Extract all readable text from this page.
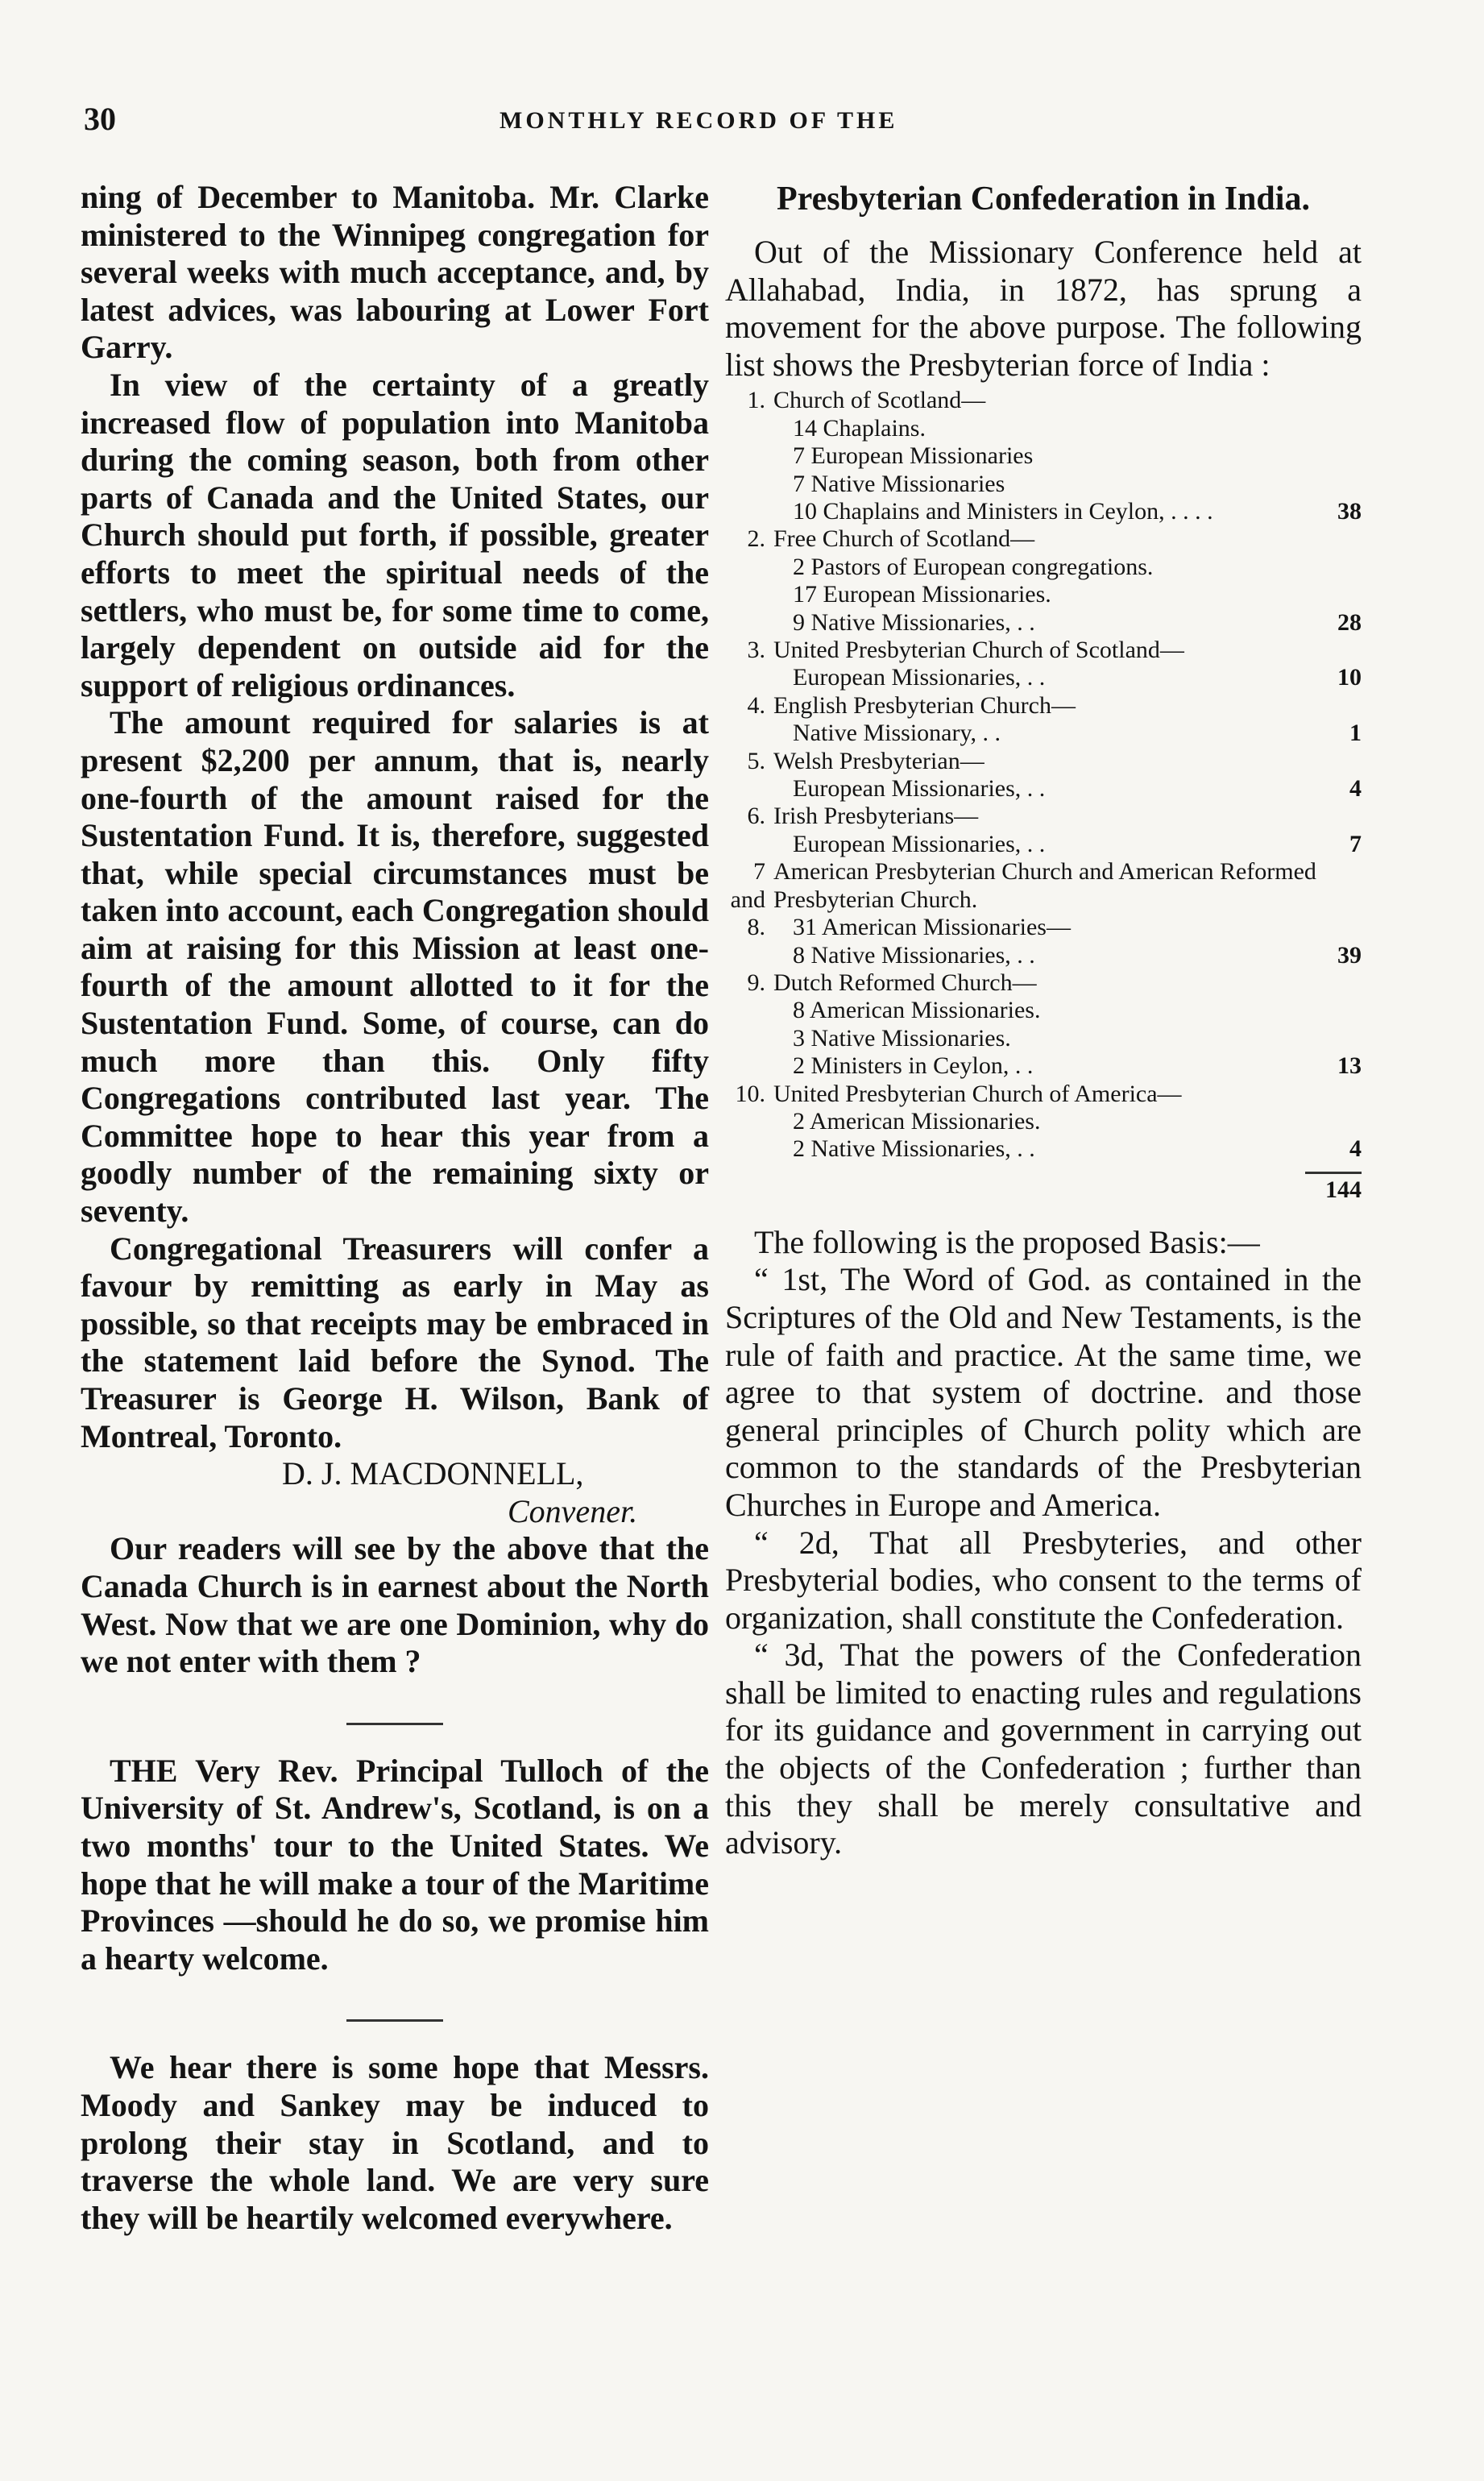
30	MONTHLY RECORD OF THE

ning of December to Manitoba. Mr. Clarke ministered to the Winnipeg congregation for several weeks with much acceptance, and, by latest advices, was labouring at Lower Fort Garry.

In view of the certainty of a greatly increased flow of population into Manitoba during the coming season, both from other parts of Canada and the United States, our Church should put forth, if possible, greater efforts to meet the spiritual needs of the settlers, who must be, for some time to come, largely dependent on outside aid for the support of religious ordinances.

The amount required for salaries is at present $2,200 per annum, that is, nearly one-fourth of the amount raised for the Sustentation Fund. It is, therefore, suggested that, while special circumstances must be taken into account, each Congregation should aim at raising for this Mission at least one-fourth of the amount allotted to it for the Sustentation Fund. Some, of course, can do much more than this. Only fifty Congregations contributed last year. The Committee hope to hear this year from a goodly number of the remaining sixty or seventy.

Congregational Treasurers will confer a favour by remitting as early in May as possible, so that receipts may be embraced in the statement laid before the Synod. The Treasurer is George H. Wilson, Bank of Montreal, Toronto.

D. J. MACDONNELL,
Convener.

Our readers will see by the above that the Canada Church is in earnest about the North West. Now that we are one Dominion, why do we not enter with them ?

THE Very Rev. Principal Tulloch of the University of St. Andrew's, Scotland, is on a two months' tour to the United States. We hope that he will make a tour of the Maritime Provinces —should he do so, we promise him a hearty welcome.

We hear there is some hope that Messrs. Moody and Sankey may be induced to prolong their stay in Scotland, and to traverse the whole land. We are very sure they will be heartily welcomed everywhere.

Presbyterian Confederation in India.

Out of the Missionary Conference held at Allahabad, India, in 1872, has sprung a movement for the above purpose. The following list shows the Presbyterian force of India :

1. Church of Scotland—
14 Chaplains.
7 European Missionaries
7 Native Missionaries
10 Chaplains and Ministers in Ceylon, . . . .	38
2. Free Church of Scotland—
2 Pastors of European congregations.
17 European Missionaries.
9 Native Missionaries, . .	28
3. United Presbyterian Church of Scotland—
European Missionaries, . .	10
4. English Presbyterian Church—
Native Missionary, . .	1
5. Welsh Presbyterian—
European Missionaries, . .	4
6. Irish Presbyterians—
European Missionaries, . .	7
7 and 8.
American Presbyterian Church and American Reformed Presbyterian Church.
31 American Missionaries—
8 Native Missionaries, . .	39
9. Dutch Reformed Church—
8 American Missionaries.
3 Native Missionaries.
2 Ministers in Ceylon, . .	13
10. United Presbyterian Church of America—
2 American Missionaries.
2 Native Missionaries, . .	4
144

The following is the proposed Basis:—

“ 1st, The Word of God. as contained in the Scriptures of the Old and New Testaments, is the rule of faith and practice. At the same time, we agree to that system of doctrine. and those general principles of Church polity which are common to the standards of the Presbyterian Churches in Europe and America.

“ 2d, That all Presbyteries, and other Presbyterial bodies, who consent to the terms of organization, shall constitute the Confederation.

“ 3d, That the powers of the Confederation shall be limited to enacting rules and regulations for its guidance and government in carrying out the objects of the Confederation ; further than this they shall be merely consultative and advisory.
